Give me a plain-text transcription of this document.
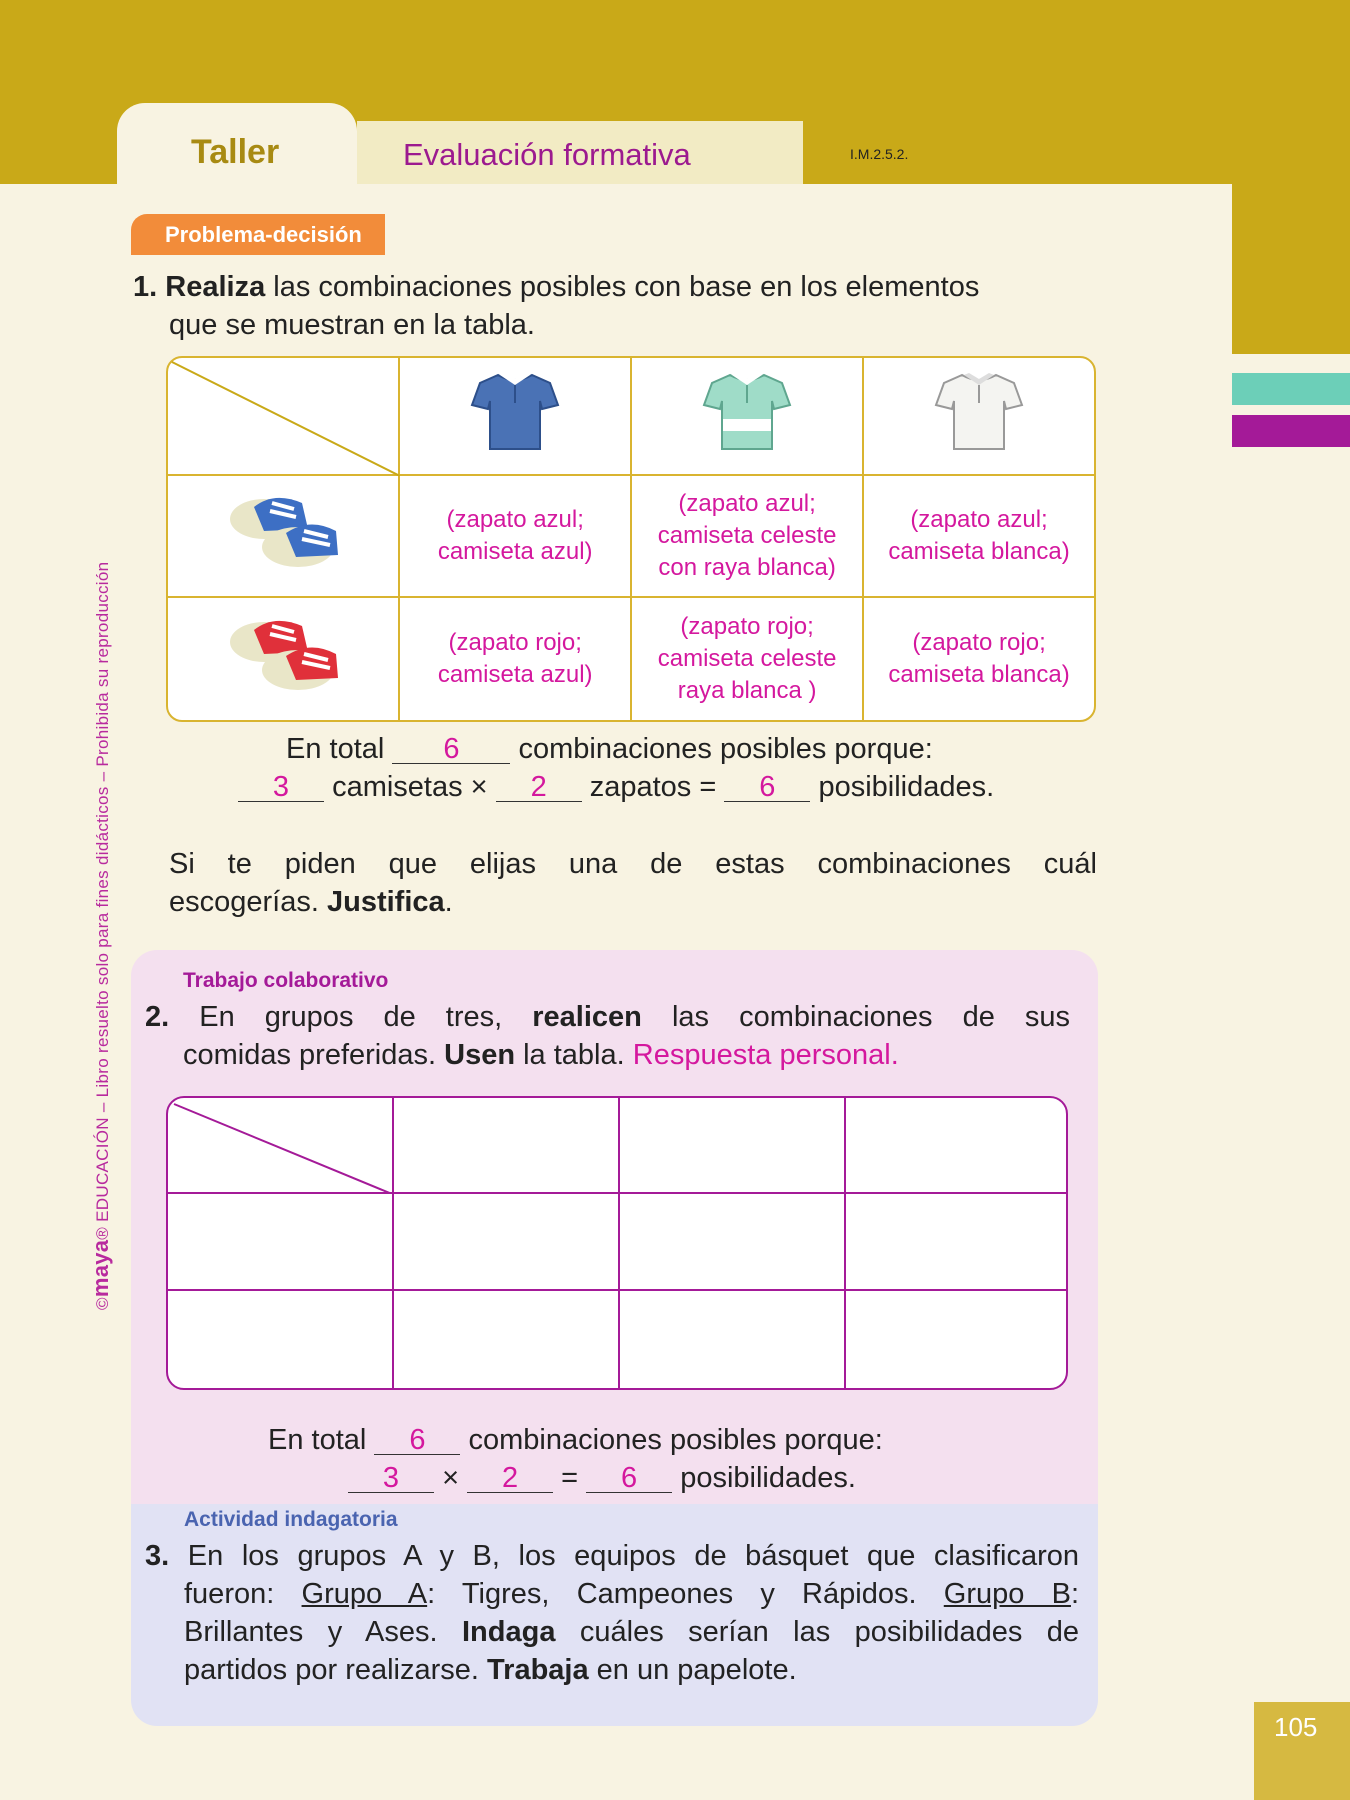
Taller	Evaluación formativa	I.M.2.5.2.
©maya® EDUCACIÓN – Libro resuelto solo para fines didácticos – Prohibida su reproducción
Problema-decisión
1. Realiza las combinaciones posibles con base en los elementos
que se muestran en la tabla.

(zapato azul;
camiseta azul)	(zapato azul;
camiseta celeste
con raya blanca)	(zapato azul;
camiseta blanca)

(zapato rojo;
camiseta azul)	(zapato rojo;
camiseta celeste
raya blanca )	(zapato rojo;
camiseta blanca)
En total 6 combinaciones posibles porque:
3 camisetas × 2 zapatos = 6 posibilidades.
Si te piden que elijas una de estas combinaciones cuál
escogerías. Justifica.
Trabajo colaborativo
2. En grupos de tres, realicen las combinaciones de sus
comidas preferidas. Usen la tabla. Respuesta personal.

En total 6 combinaciones posibles porque:
3 × 2 = 6 posibilidades.
Actividad indagatoria
3. En los grupos A y B, los equipos de básquet que clasificaron
fueron: Grupo A: Tigres, Campeones y Rápidos. Grupo B:
Brillantes y Ases. Indaga cuáles serían las posibilidades de
partidos por realizarse. Trabaja en un papelote.
105
